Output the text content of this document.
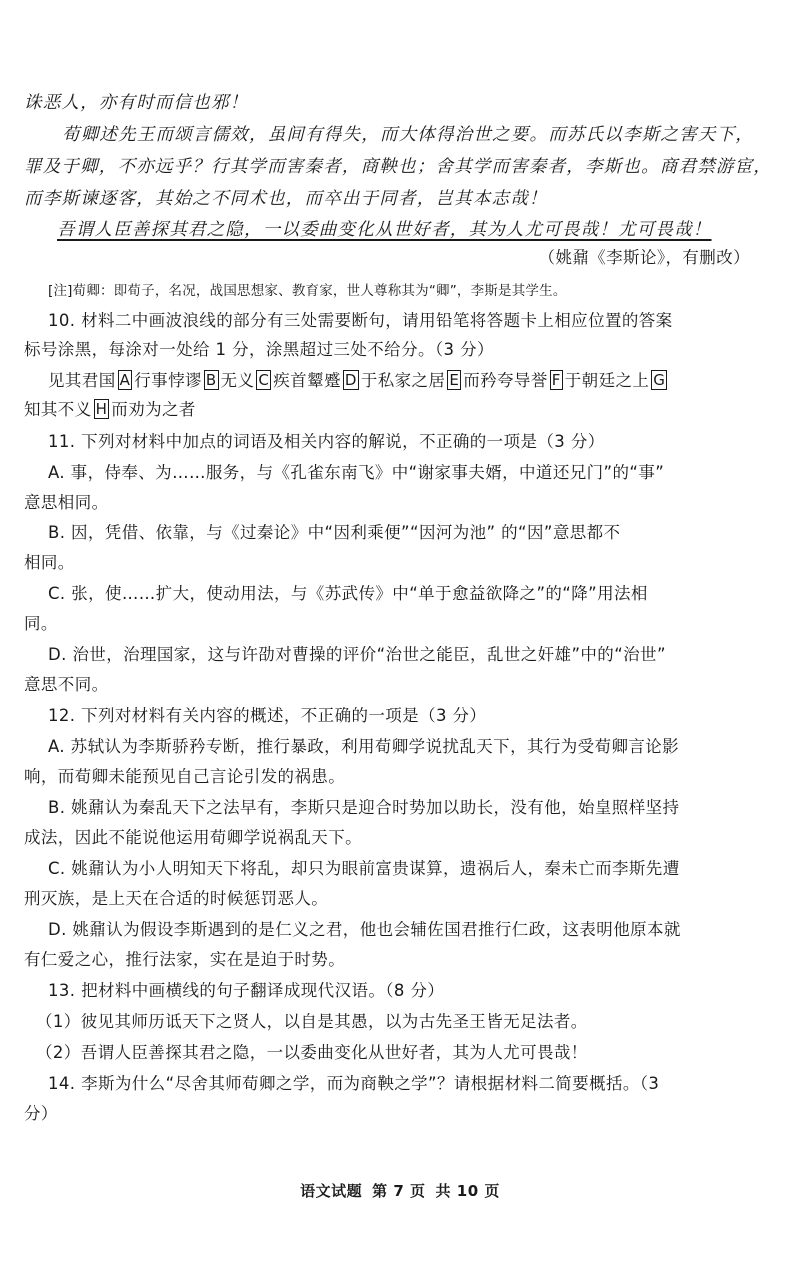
诛恶人，亦有时而信也邪！
荀卿述先王而颂言儒效，虽间有得失，而大体得治世之要。而苏氏以李斯之害天下，
罪及于卿，不亦远乎？行其学而害秦者，商鞅也；舍其学而害秦者，李斯也。商君禁游宦，
而李斯谏逐客，其始之不同术也，而卒出于同者，岂其本志哉！
吾谓人臣善探其君之隐，一以委曲变化从世好者，其为人尤可畏哉！尤可畏哉！
（姚鼐《李斯论》，有删改）
[注]荀卿：即荀子，名况，战国思想家、教育家，世人尊称其为“卿”，李斯是其学生。
10. 材料二中画波浪线的部分有三处需要断句，请用铅笔将答题卡上相应位置的答案
标号涂黑，每涂对一处给 1 分，涂黑超过三处不给分。（3 分）
见其君国 A 行事悖谬 B 无义 C 疾首颦蹙 D 于私家之居 E 而矜夸导誉 F 于朝廷之上 G
知其不义 H 而劝为之者
11. 下列对材料中加点的词语及相关内容的解说，不正确的一项是（3 分）
A. 事，侍奉、为……服务，与《孔雀东南飞》中“谢家事夫婿，中道还兄门”的“事”
意思相同。
B. 因，凭借、依靠，与《过秦论》中“因利乘便”“因河为池” 的“因”意思都不
相同。
C. 张，使……扩大，使动用法，与《苏武传》中“单于愈益欲降之”的“降”用法相
同。
D. 治世，治理国家，这与许劭对曹操的评价“治世之能臣，乱世之奸雄”中的“治世”
意思不同。
12. 下列对材料有关内容的概述，不正确的一项是（3 分）
A. 苏轼认为李斯骄矜专断，推行暴政，利用荀卿学说扰乱天下，其行为受荀卿言论影
响，而荀卿未能预见自己言论引发的祸患。
B. 姚鼐认为秦乱天下之法早有，李斯只是迎合时势加以助长，没有他，始皇照样坚持
成法，因此不能说他运用荀卿学说祸乱天下。
C. 姚鼐认为小人明知天下将乱，却只为眼前富贵谋算，遗祸后人，秦未亡而李斯先遭
刑灭族，是上天在合适的时候惩罚恶人。
D. 姚鼐认为假设李斯遇到的是仁义之君，他也会辅佐国君推行仁政，这表明他原本就
有仁爱之心，推行法家，实在是迫于时势。
13. 把材料中画横线的句子翻译成现代汉语。（8 分）
（1）彼见其师历诋天下之贤人，以自是其愚，以为古先圣王皆无足法者。
（2）吾谓人臣善探其君之隐，一以委曲变化从世好者，其为人尤可畏哉！
14. 李斯为什么“尽舍其师荀卿之学，而为商鞅之学”？请根据材料二简要概括。（3
分）
语文试题 第 7 页 共 10 页
